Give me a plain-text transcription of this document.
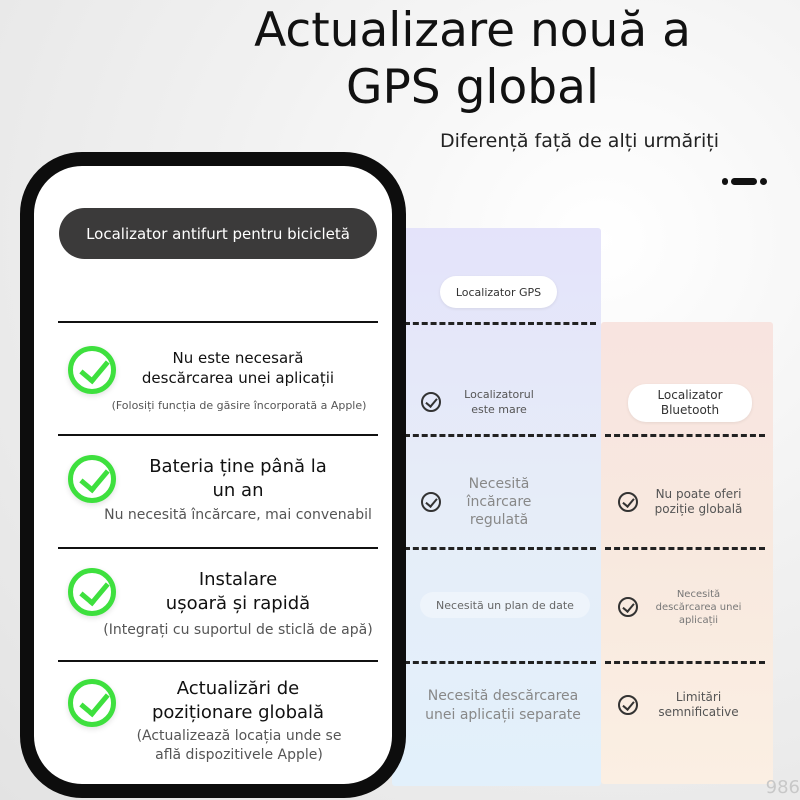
Actualizare nouă a
GPS global
Diferență față de alți urmăriți
Localizator GPS
Localizator
Bluetooth
Localizatorul
este mare
Necesită
încărcare
regulată
Necesită un plan de date
Necesită descărcarea
unei aplicații separate
Nu poate oferi
poziție globală
Necesită
descărcarea unei
aplicații
Limitări
semnificative
Localizator antifurt pentru bicicletă
Nu este necesară
descărcarea unei aplicații
(Folosiți funcția de găsire încorporată a Apple)
Bateria ține până la
un an
Nu necesită încărcare, mai convenabil
Instalare
ușoară și rapidă
(Integrați cu suportul de sticlă de apă)
Actualizări de
poziționare globală
(Actualizează locația unde se
află dispozitivele Apple)
986
